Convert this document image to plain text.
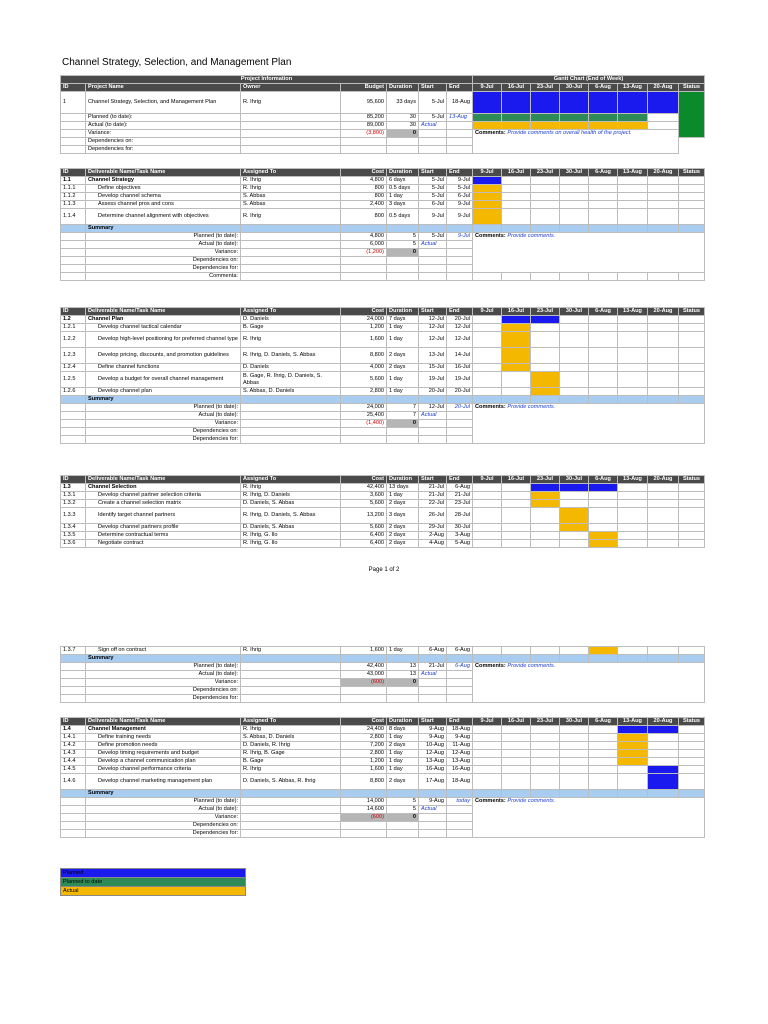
Channel Strategy, Selection, and Management Plan
Project Information							Gantt Chart (End of Week)							
ID	Project Name	Owner	Budget	Duration	Start	End	9-Jul	16-Jul	23-Jul	30-Jul	6-Aug	13-Aug	20-Aug	Status
1	Channel Strategy, Selection, and Management Plan	R. Ihrig	95,600	33 days	5-Jul	18-Aug								
	Planned (to date):		85,200	30	5-Jul	13-Aug								
	Actual (to date):		89,000	30	Actual									
	Variance:		(3,800)	0			Comments: Provide comments on overall health of the project.							
	Dependencies on:													
	Dependencies for:													
ID	Deliverable Name/Task Name	Assigned To	Cost	Duration	Start	End	9-Jul	16-Jul	23-Jul	30-Jul	6-Aug	13-Aug	20-Aug	Status
1.1	Channel Strategy	R. Ihrig	4,800	6 days	5-Jul	9-Jul								
1.1.1	Define objectives	R. Ihrig	800	0.5 days	5-Jul	5-Jul								
1.1.2	Develop channel schema	S. Abbas	800	1 day	5-Jul	6-Jul								
1.1.3	Assess channel pros and cons	S. Abbas	2,400	3 days	6-Jul	9-Jul								
1.1.4	Determine channel alignment with objectives	R. Ihrig	800	0.5 days	9-Jul	9-Jul								
	Summary													
	Planned (to date):		4,800	5	5-Jul	9-Jul	Comments: Provide comments.							
	Actual (to date):		6,000	5	Actual									
	Variance:		(1,200)	0										
	Dependencies on:													
	Dependencies for:													
	Commenta:													
ID	Deliverable Name/Task Name	Assigned To	Cost	Duration	Start	End	9-Jul	16-Jul	23-Jul	30-Jul	6-Aug	13-Aug	20-Aug	Status
1.2	Channel Plan	D. Daniels	24,000	7 days	12-Jul	20-Jul								
1.2.1	Develop channel tactical calendar	B. Gage	1,200	1 day	12-Jul	12-Jul								
1.2.2	Develop high-level positioning for preferred channel type	R. Ihrig	1,600	1 day	12-Jul	12-Jul								
1.2.3	Develop pricing, discounts, and promotion guidelines	R. Ihrig, D. Daniels, S. Abbas	8,800	2 days	13-Jul	14-Jul								
1.2.4	Define channel functions	D. Daniels	4,000	2 days	15-Jul	16-Jul								
1.2.5	Develop a budget for overall channel management	B. Gage, R. Ihrig, D. Daniels, S. Abbas	5,600	1 day	19-Jul	19-Jul								
1.2.6	Develop channel plan	S. Abbas, D. Daniels	2,800	1 day	20-Jul	20-Jul								
	Summary													
	Planned (to date):		24,000	7	12-Jul	20-Jul	Comments: Provide comments.							
	Actual (to date):		25,400	7	Actual									
	Variance:		(1,400)	0										
	Dependencies on:													
	Dependencies for:													
ID	Deliverable Name/Task Name	Assigned To	Cost	Duration	Start	End	9-Jul	16-Jul	23-Jul	30-Jul	6-Aug	13-Aug	20-Aug	Status
1.3	Channel Selection	R. Ihrig	42,400	13 days	21-Jul	6-Aug								
1.3.1	Develop channel partner selection criteria	R. Ihrig, D. Daniels	3,600	1 day	21-Jul	21-Jul								
1.3.2	Create a channel selection matrix	D. Daniels, S. Abbas	5,600	2 days	22-Jul	23-Jul								
1.3.3	Identify target channel partners	R. Ihrig, D. Daniels, S. Abbas	13,200	3 days	26-Jul	28-Jul								
1.3.4	Develop channel partners profile	D. Daniels, S. Abbas	5,600	2 days	29-Jul	30-Jul								
1.3.5	Determine contractual terms	R. Ihrig, G. Ilo	6,400	2 days	2-Aug	3-Aug								
1.3.6	Negotiate contract	R. Ihrig, G. Ilo	6,400	2 days	4-Aug	5-Aug								
1.3.7	Sign off on contract	R. Ihrig	1,600	1 day	6-Aug	6-Aug								
	Summary													
	Planned (to date):		42,400	13	21-Jul	6-Aug	Comments: Provide comments.							
	Actual (to date):		43,000	13	Actual									
	Variance:		(600)	0										
	Dependencies on:													
	Dependencies for:													
ID	Deliverable Name/Task Name	Assigned To	Cost	Duration	Start	End	9-Jul	16-Jul	23-Jul	30-Jul	6-Aug	13-Aug	20-Aug	Status
1.4	Channel Management	R. Ihrig	24,400	8 days	9-Aug	18-Aug								
1.4.1	Define training needs	S. Abbas, D. Daniels	2,800	1 day	9-Aug	9-Aug								
1.4.2	Define promotion needs	D. Daniels, R. Ihrig	7,200	2 days	10-Aug	11-Aug								
1.4.3	Develop timing requirements and budget	R. Ihrig, B. Gage	2,800	1 day	12-Aug	12-Aug								
1.4.4	Develop a channel communication plan	B. Gage	1,200	1 day	13-Aug	13-Aug								
1.4.5	Develop channel performance criteria	R. Ihrig	1,600	1 day	16-Aug	16-Aug								
1.4.6	Develop channel marketing management plan	D. Daniels, S. Abbas, R. Ihrig	8,800	2 days	17-Aug	18-Aug								
	Summary													
	Planned (to date):		14,000	5	9-Aug	today	Comments: Provide comments.							
	Actual (to date):		14,600	5	Actual									
	Variance:		(600)	0										
	Dependencies on:													
	Dependencies for:													
Page 1 of 2
Planned
Planned to date
Actual
